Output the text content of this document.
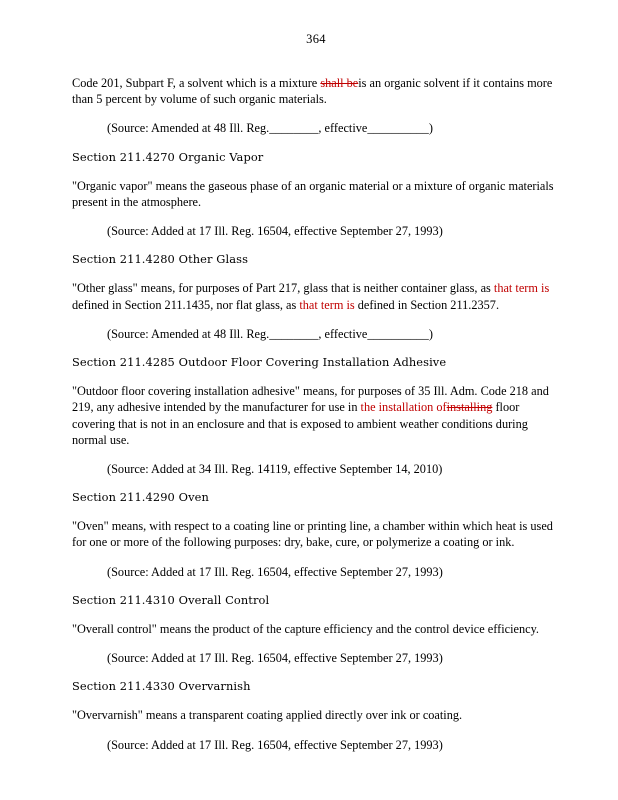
364

Code 201, Subpart F, a solvent which is a mixture shall beis an organic solvent if it contains more than 5 percent by volume of such organic materials.

(Source: Amended at 48 Ill. Reg.________, effective__________)

Section 211.4270 Organic Vapor

"Organic vapor" means the gaseous phase of an organic material or a mixture of organic materials present in the atmosphere.

(Source: Added at 17 Ill. Reg. 16504, effective September 27, 1993)

Section 211.4280 Other Glass

"Other glass" means, for purposes of Part 217, glass that is neither container glass, as that term is defined in Section 211.1435, nor flat glass, as that term is defined in Section 211.2357.

(Source: Amended at 48 Ill. Reg.________, effective__________)

Section 211.4285 Outdoor Floor Covering Installation Adhesive

"Outdoor floor covering installation adhesive" means, for purposes of 35 Ill. Adm. Code 218 and 219, any adhesive intended by the manufacturer for use in the installation ofinstalling floor covering that is not in an enclosure and that is exposed to ambient weather conditions during normal use.

(Source: Added at 34 Ill. Reg. 14119, effective September 14, 2010)

Section 211.4290 Oven

"Oven" means, with respect to a coating line or printing line, a chamber within which heat is used for one or more of the following purposes: dry, bake, cure, or polymerize a coating or ink.

(Source: Added at 17 Ill. Reg. 16504, effective September 27, 1993)

Section 211.4310 Overall Control

"Overall control" means the product of the capture efficiency and the control device efficiency.

(Source: Added at 17 Ill. Reg. 16504, effective September 27, 1993)

Section 211.4330 Overvarnish

"Overvarnish" means a transparent coating applied directly over ink or coating.

(Source: Added at 17 Ill. Reg. 16504, effective September 27, 1993)
